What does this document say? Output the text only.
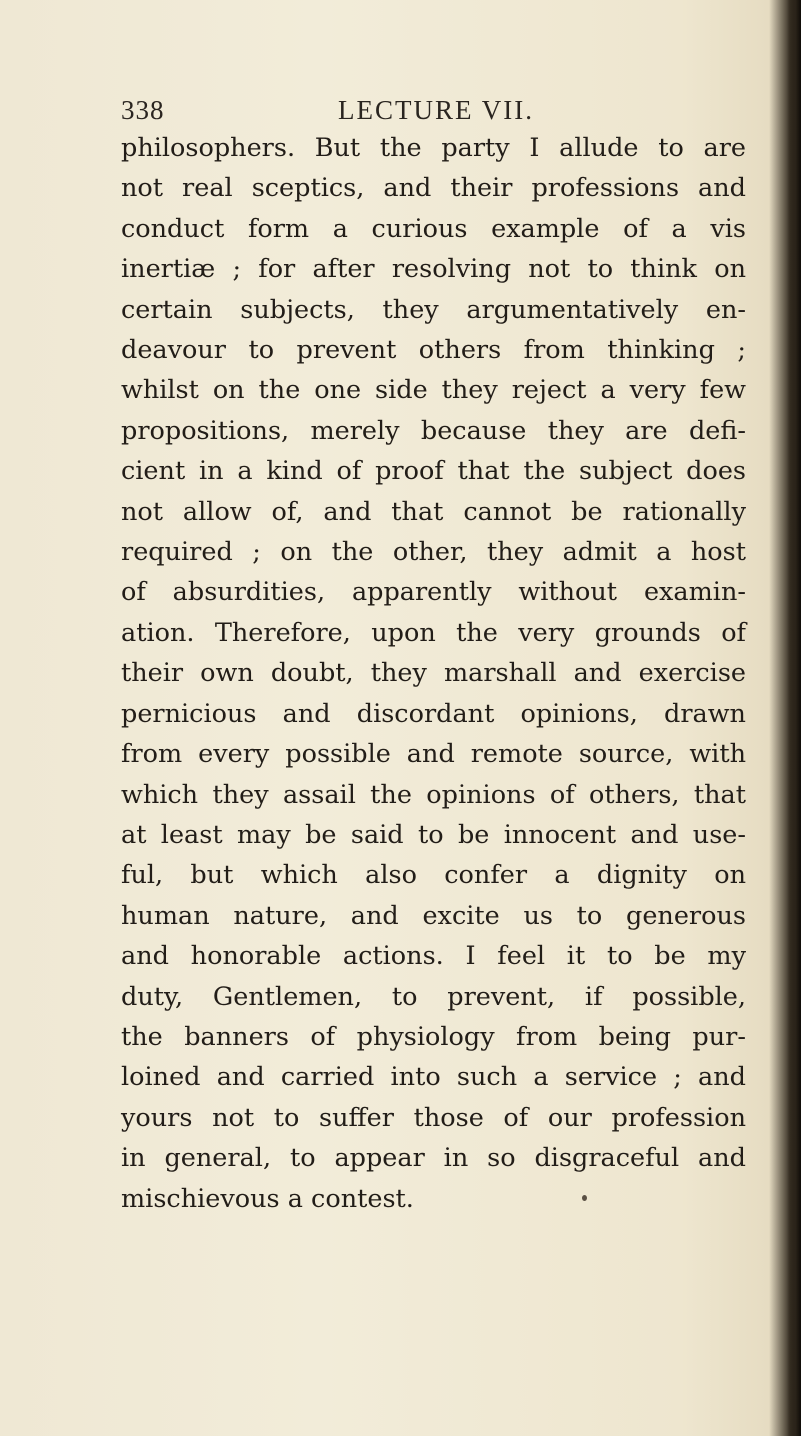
338	LECTURE VII.
philosophers. But the party I allude to are
not real sceptics, and their professions and
conduct form a curious example of a vis
inertiæ ; for after resolving not to think on
certain subjects, they argumentatively en-
deavour to prevent others from thinking ;
whilst on the one side they reject a very few
propositions, merely because they are defi-
cient in a kind of proof that the subject does
not allow of, and that cannot be rationally
required ; on the other, they admit a host
of absurdities, apparently without examin-
ation. Therefore, upon the very grounds of
their own doubt, they marshall and exercise
pernicious and discordant opinions, drawn
from every possible and remote source, with
which they assail the opinions of others, that
at least may be said to be innocent and use-
ful, but which also confer a dignity on
human nature, and excite us to generous
and honorable actions. I feel it to be my
duty, Gentlemen, to prevent, if possible,
the banners of physiology from being pur-
loined and carried into such a service ; and
yours not to suffer those of our profession
in general, to appear in so disgraceful and
mischievous a contest.
